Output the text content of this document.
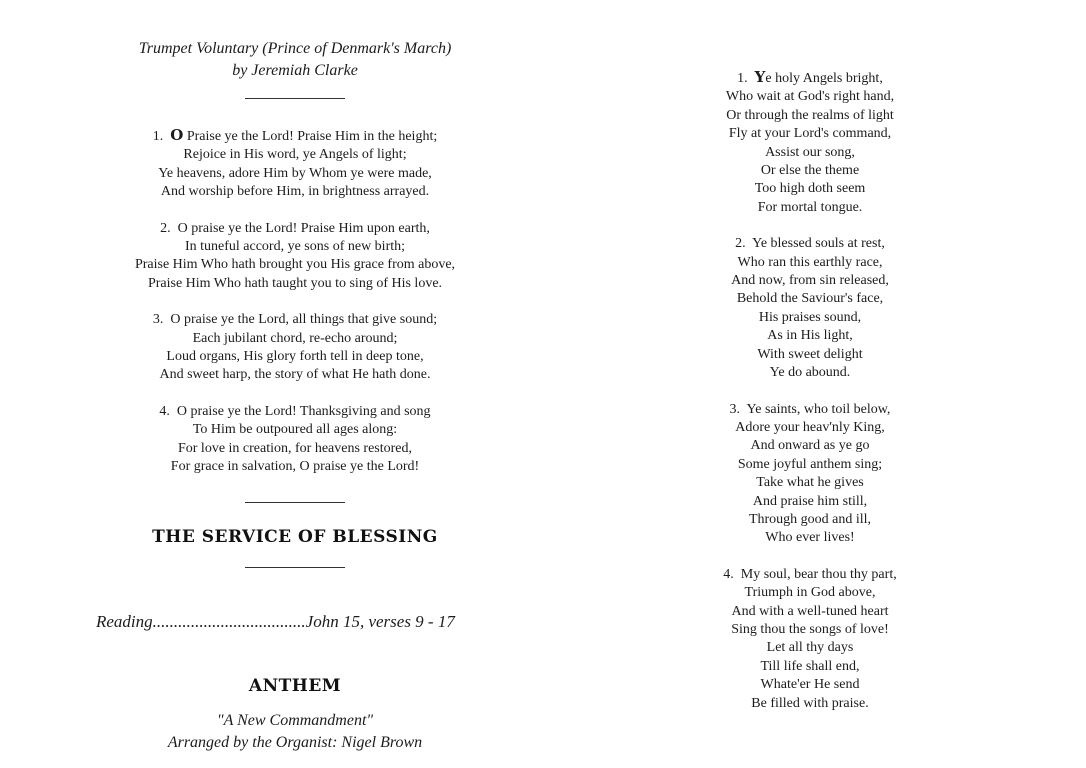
Trumpet Voluntary (Prince of Denmark's March)

by Jeremiah Clarke

1. O Praise ye the Lord! Praise Him in the height;
Rejoice in His word, ye Angels of light;
Ye heavens, adore Him by Whom ye were made,
And worship before Him, in brightness arrayed.
2. O praise ye the Lord! Praise Him upon earth,
In tuneful accord, ye sons of new birth;
Praise Him Who hath brought you His grace from above,
Praise Him Who hath taught you to sing of His love.
3. O praise ye the Lord, all things that give sound;
Each jubilant chord, re-echo around;
Loud organs, His glory forth tell in deep tone,
And sweet harp, the story of what He hath done.
4. O praise ye the Lord! Thanksgiving and song
To Him be outpoured all ages along:
For love in creation, for heavens restored,
For grace in salvation, O praise ye the Lord!

THE SERVICE OF BLESSING

Reading....................................John 15, verses 9 - 17

ANTHEM

"A New Commandment"

Arranged by the Organist: Nigel Brown

1. Ye holy Angels bright,
Who wait at God's right hand,
Or through the realms of light
Fly at your Lord's command,
Assist our song,
Or else the theme
Too high doth seem
For mortal tongue.
2. Ye blessed souls at rest,
Who ran this earthly race,
And now, from sin released,
Behold the Saviour's face,
His praises sound,
As in His light,
With sweet delight
Ye do abound.
3. Ye saints, who toil below,
Adore your heav'nly King,
And onward as ye go
Some joyful anthem sing;
Take what he gives
And praise him still,
Through good and ill,
Who ever lives!
4. My soul, bear thou thy part,
Triumph in God above,
And with a well-tuned heart
Sing thou the songs of love!
Let all thy days
Till life shall end,
Whate'er He send
Be filled with praise.
